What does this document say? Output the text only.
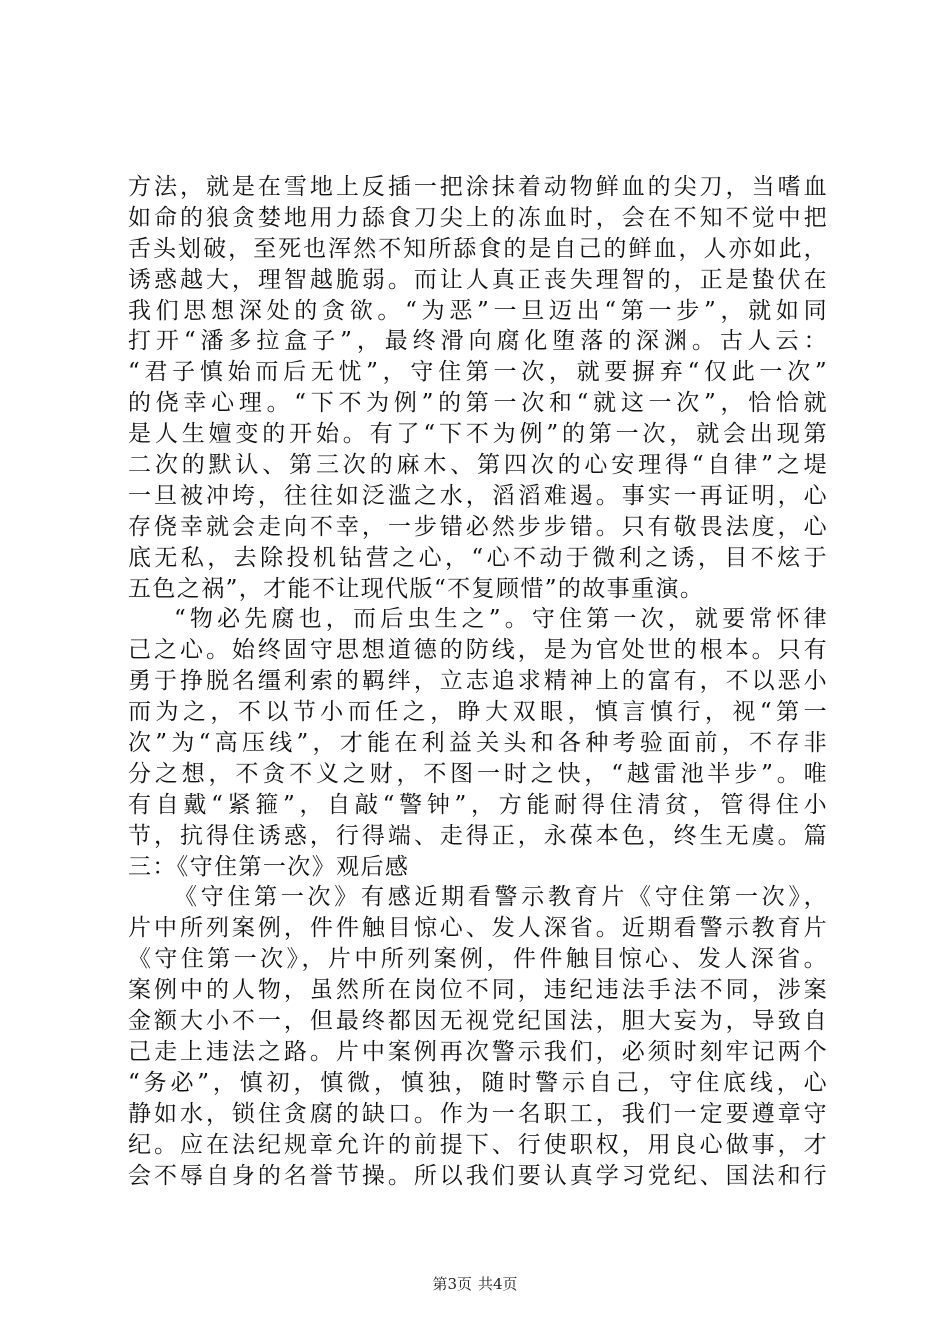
方法，就是在雪地上反插一把涂抹着动物鲜血的尖刀，当嗜血
如命的狼贪婪地用力舔食刀尖上的冻血时，会在不知不觉中把
舌头划破，至死也浑然不知所舔食的是自己的鲜血，人亦如此，
诱惑越大，理智越脆弱。而让人真正丧失理智的，正是蛰伏在
我们思想深处的贪欲。“为恶”一旦迈出“第一步”，就如同
打开“潘多拉盒子”，最终滑向腐化堕落的深渊。古人云：
“君子慎始而后无忧”，守住第一次，就要摒弃“仅此一次”
的侥幸心理。“下不为例”的第一次和“就这一次”，恰恰就
是人生嬗变的开始。有了“下不为例”的第一次，就会出现第
二次的默认、第三次的麻木、第四次的心安理得“自律”之堤
一旦被冲垮，往往如泛滥之水，滔滔难遏。事实一再证明，心
存侥幸就会走向不幸，一步错必然步步错。只有敬畏法度，心
底无私，去除投机钻营之心，“心不动于微利之诱，目不炫于
五色之祸”，才能不让现代版“不复顾惜”的故事重演。
“物必先腐也，而后虫生之”。守住第一次，就要常怀律
己之心。始终固守思想道德的防线，是为官处世的根本。只有
勇于挣脱名缰利索的羁绊，立志追求精神上的富有，不以恶小
而为之，不以节小而任之，睁大双眼，慎言慎行，视“第一
次”为“高压线”，才能在利益关头和各种考验面前，不存非
分之想，不贪不义之财，不图一时之快，“越雷池半步”。唯
有自戴“紧箍”，自敲“警钟”，方能耐得住清贫，管得住小
节，抗得住诱惑，行得端、走得正，永葆本色，终生无虞。篇
三：《守住第一次》观后感
《守住第一次》有感近期看警示教育片《守住第一次》，
片中所列案例，件件触目惊心、发人深省。近期看警示教育片
《守住第一次》，片中所列案例，件件触目惊心、发人深省。
案例中的人物，虽然所在岗位不同，违纪违法手法不同，涉案
金额大小不一，但最终都因无视党纪国法，胆大妄为，导致自
己走上违法之路。片中案例再次警示我们，必须时刻牢记两个
“务必”，慎初，慎微，慎独，随时警示自己，守住底线，心
静如水，锁住贪腐的缺口。作为一名职工，我们一定要遵章守
纪。应在法纪规章允许的前提下、行使职权，用良心做事，才
会不辱自身的名誉节操。所以我们要认真学习党纪、国法和行
第3页 共4页
